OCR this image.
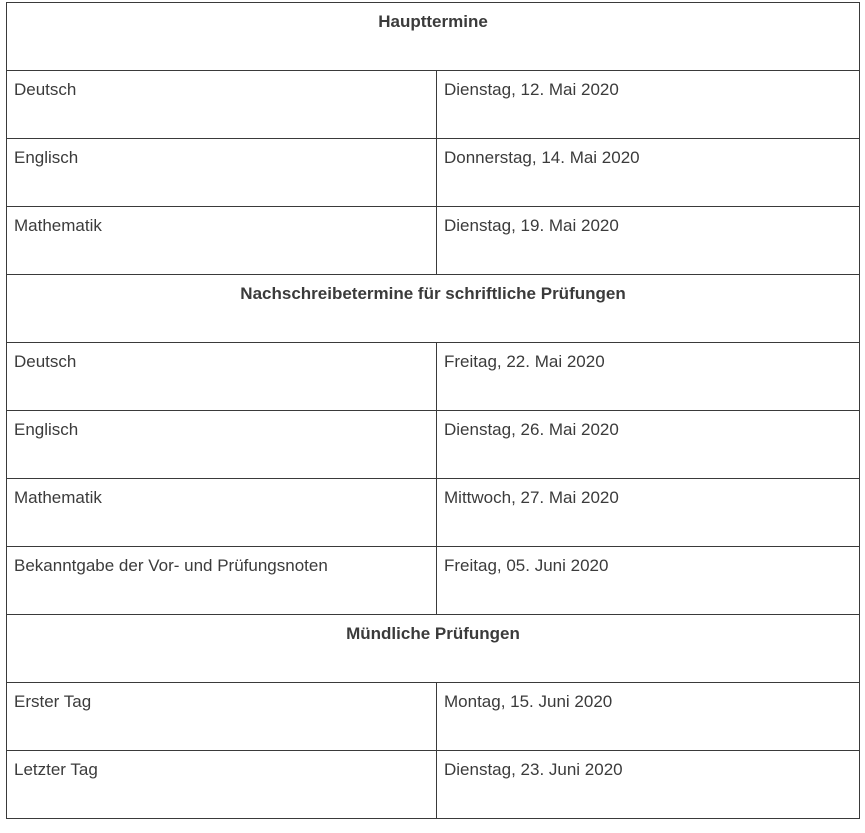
Haupttermine	
Deutsch	Dienstag, 12. Mai 2020
Englisch	Donnerstag, 14. Mai 2020
Mathematik	Dienstag, 19. Mai 2020
Nachschreibetermine für schriftliche Prüfungen	
Deutsch	Freitag, 22. Mai 2020
Englisch	Dienstag, 26. Mai 2020
Mathematik	Mittwoch, 27. Mai 2020
Bekanntgabe der Vor- und Prüfungsnoten	Freitag, 05. Juni 2020
Mündliche Prüfungen	
Erster Tag	Montag, 15. Juni 2020
Letzter Tag	Dienstag, 23. Juni 2020
